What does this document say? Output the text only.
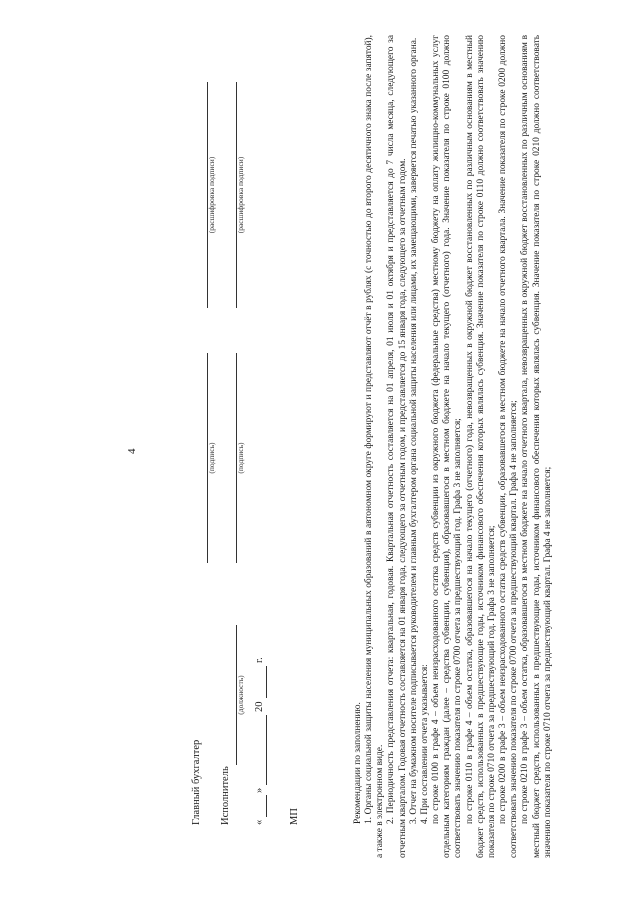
4
Главный бухгалтер
(подпись)
(расшифровка подписи)
Исполнитель
(должность)
(подпись)
(расшифровка подписи)
«
»
20
г.
МП	Рекомендации по заполнению. 1. Органы социальной защиты населения муниципальных образований в автономном округе формируют и представляют отчёт в рублях (с точностью до второго десятичного знака после запятой), а также в электронном виде. 2. Периодичность представления отчета: квартальная, годовая. Квартальная отчетность составляется на 01 апреля, 01 июля и 01 октября и представляется до 7 числа месяца, следующего за отчетным кварталом. Годовая отчетность составляется на 01 января года, следующего за отчетным годом, и представляется до 15 января года, следующего за отчетным годом. 3. Отчет на бумажном носителе подписывается руководителем и главным бухгалтером органа социальной защиты населения или лицами, их замещающими, заверяется печатью указанного органа. 4. При составлении отчета указывается: по строке 0100 в графе 4 – объем неизрасходованного остатка средств субвенции из окружного бюджета (федеральные средства) местному бюджету на оплату жилищно-коммунальных услуг отдельным категориям граждан (далее – средства субвенции, субвенция), образовавшегося в местном бюджете на начало текущего (отчетного) года. Значение показателя по строке 0100 должно соответствовать значению показателя по строке 0700 отчета за предшествующий год. Графа 3 не заполняется; по строке 0110 в графе 4 – объем остатка, образовавшегося на начало текущего (отчетного) года, невозвращенных в окружной бюджет восстановленных по различным основаниям в местный бюджет средств, использованных в предшествующие годы, источником финансового обеспечения которых являлась субвенция. Значение показателя по строке 0110 должно соответствовать значению показателя по строке 0710 отчета за предшествующий год. Графа 3 не заполняется; по строке 0200 в графе 3 – объем неизрасходованного остатка средств субвенции, образовавшегося в местном бюджете на начало отчетного квартала. Значение показателя по строке 0200 должно соответствовать значению показателя по строке 0700 отчета за предшествующий квартал. Графа 4 не заполняется; по строке 0210 в графе 3 – объем остатка, образовавшегося в местном бюджете на начало отчетного квартала, невозвращенных в окружной бюджет восстановленных по различным основаниям в местный бюджет средств, использованных в предшествующие годы, источником финансового обеспечения которых являлась субвенция. Значение показателя по строке 0210 должно соответствовать значению показателя по строке 0710 отчета за предшествующий квартал. Графа 4 не заполняется;
